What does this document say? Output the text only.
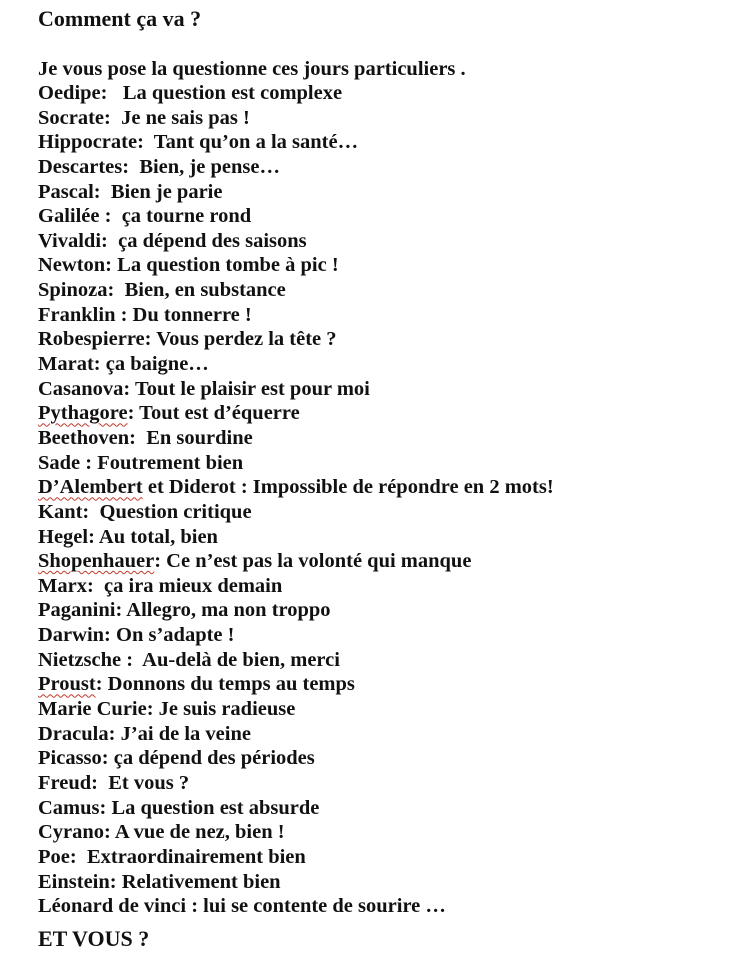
Comment ça va ?
Je vous pose la questionne ces jours particuliers .
Oedipe:   La question est complexe
Socrate:  Je ne sais pas !
Hippocrate:  Tant qu’on a la santé…
Descartes:  Bien, je pense…
Pascal:  Bien je parie
Galilée :  ça tourne rond
Vivaldi:  ça dépend des saisons
Newton: La question tombe à pic !
Spinoza:  Bien, en substance
Franklin : Du tonnerre !
Robespierre: Vous perdez la tête ?
Marat: ça baigne…
Casanova: Tout le plaisir est pour moi
Pythagore: Tout est d’équerre
Beethoven:  En sourdine
Sade : Foutrement bien
D’Alembert et Diderot : Impossible de répondre en 2 mots!
Kant:  Question critique
Hegel: Au total, bien
Shopenhauer: Ce n’est pas la volonté qui manque
Marx:  ça ira mieux demain
Paganini: Allegro, ma non troppo
Darwin: On s’adapte !
Nietzsche :  Au-delà de bien, merci
Proust: Donnons du temps au temps
Marie Curie: Je suis radieuse
Dracula: J’ai de la veine
Picasso: ça dépend des périodes
Freud:  Et vous ?
Camus: La question est absurde
Cyrano: A vue de nez, bien !
Poe:  Extraordinairement bien
Einstein: Relativement bien
Léonard de vinci : lui se contente de sourire …
ET VOUS ?
